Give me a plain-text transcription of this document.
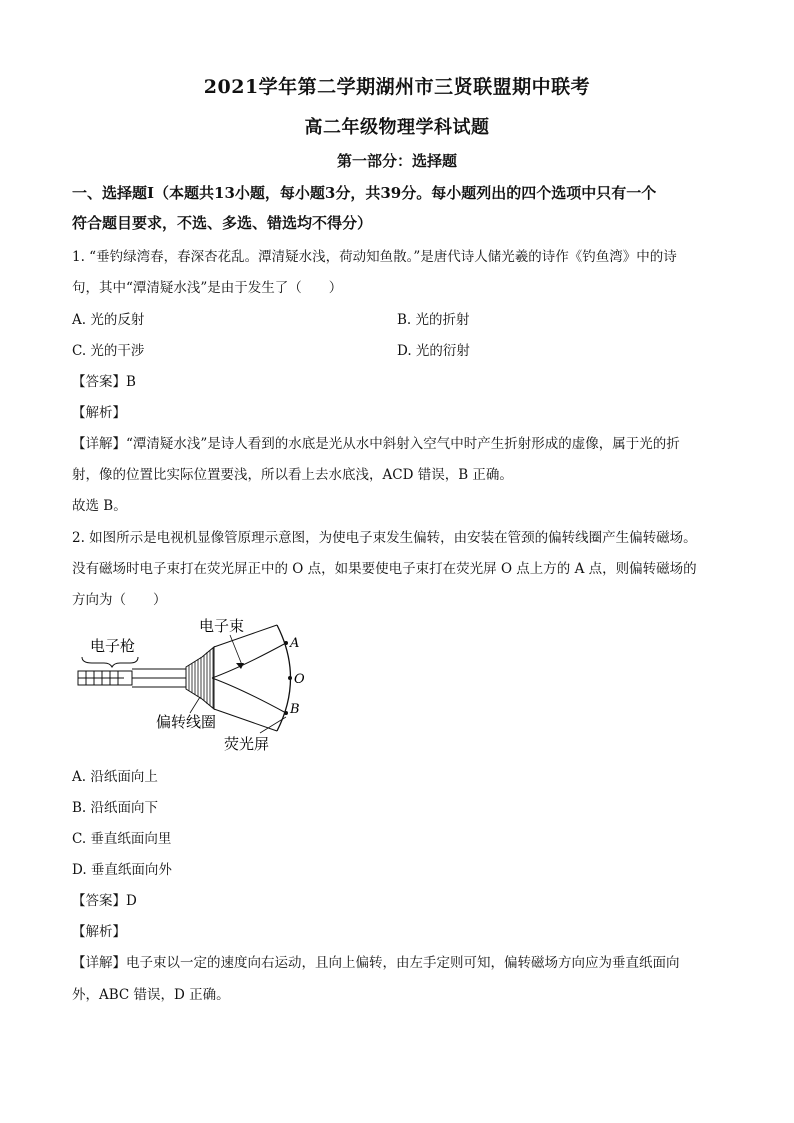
2021学年第二学期湖州市三贤联盟期中联考
高二年级物理学科试题
第一部分：选择题
一、选择题Ⅰ（本题共13小题，每小题3分，共39分。每小题列出的四个选项中只有一个
符合题目要求，不选、多选、错选均不得分）
1. “垂钓绿湾春，春深杏花乱。潭清疑水浅，荷动知鱼散。”是唐代诗人储光羲的诗作《钓鱼湾》中的诗
句，其中“潭清疑水浅”是由于发生了（　　）
A. 光的反射	B. 光的折射
C. 光的干涉	D. 光的衍射
【答案】B
【解析】
【详解】“潭清疑水浅”是诗人看到的水底是光从水中斜射入空气中时产生折射形成的虚像，属于光的折
射，像的位置比实际位置要浅，所以看上去水底浅，ACD 错误，B 正确。
故选 B。
2. 如图所示是电视机显像管原理示意图，为使电子束发生偏转，由安装在管颈的偏转线圈产生偏转磁场。
没有磁场时电子束打在荧光屏正中的 O 点，如果要使电子束打在荧光屏 O 点上方的 A 点，则偏转磁场的
方向为（　　）
电子枪	A
O
B
电子束
偏转线圈
荧光屏
A. 沿纸面向上
B. 沿纸面向下
C. 垂直纸面向里
D. 垂直纸面向外
【答案】D
【解析】
【详解】电子束以一定的速度向右运动，且向上偏转，由左手定则可知，偏转磁场方向应为垂直纸面向
外，ABC 错误，D 正确。
